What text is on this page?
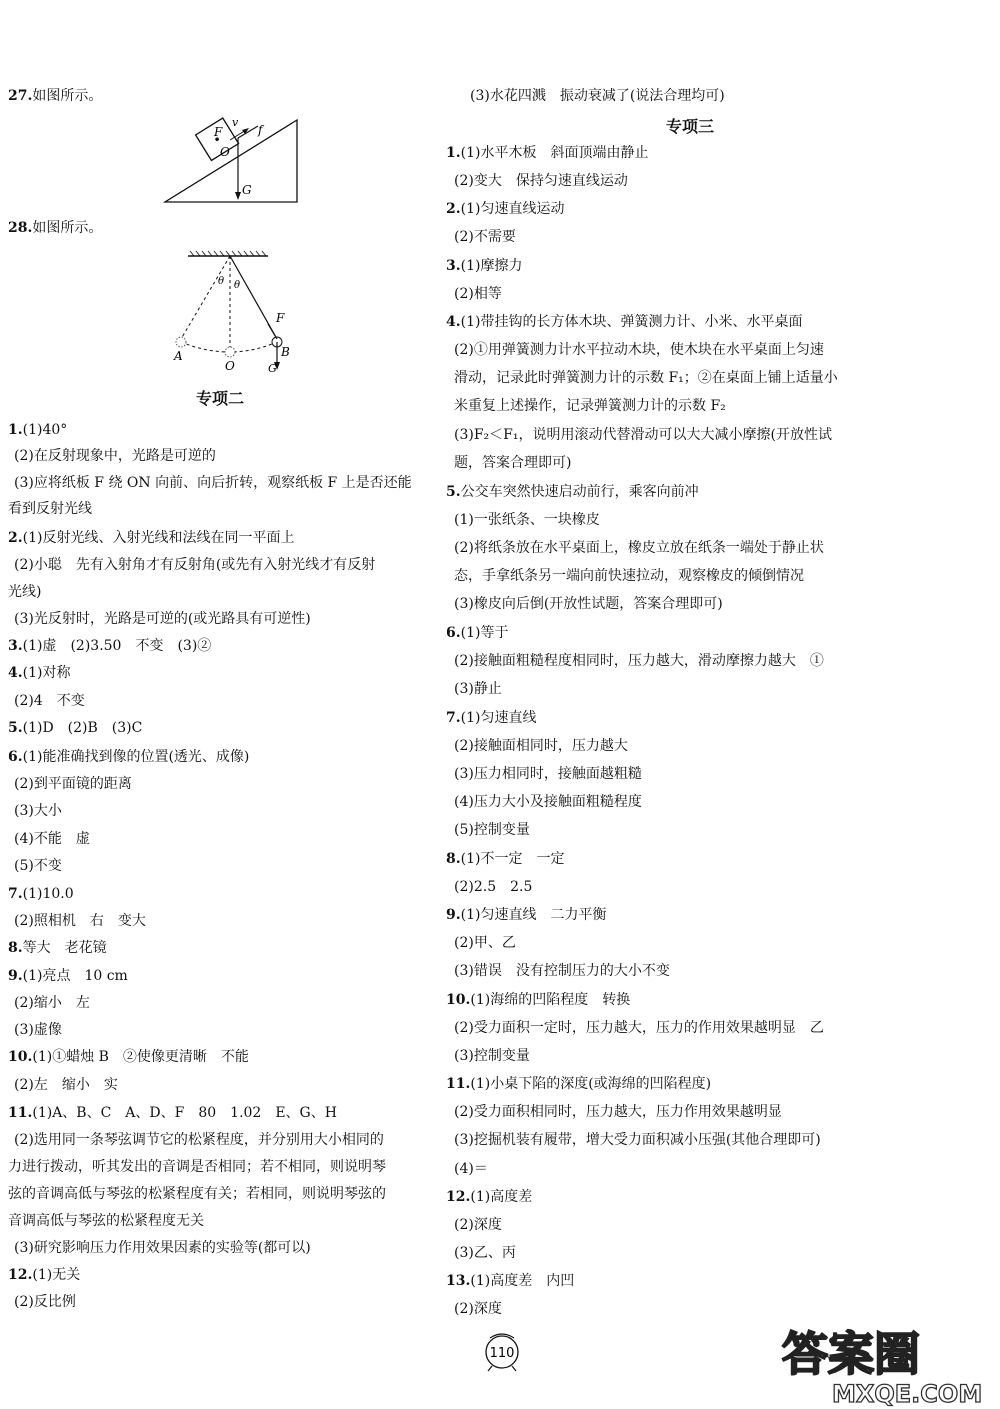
27.如图所示。
F
v
f
O
G
28.如图所示。
θ θ
F
A
O
B
G
专项二
1.(1)40°
(2)在反射现象中，光路是可逆的
(3)应将纸板 F 绕 ON 向前、向后折转，观察纸板 F 上是否还能
看到反射光线
2.(1)反射光线、入射光线和法线在同一平面上
(2)小聪　先有入射角才有反射角(或先有入射光线才有反射
光线)
(3)光反射时，光路是可逆的(或光路具有可逆性)
3.(1)虚　(2)3.50　不变　(3)②
4.(1)对称
(2)4　不变
5.(1)D　(2)B　(3)C
6.(1)能准确找到像的位置(透光、成像)
(2)到平面镜的距离
(3)大小
(4)不能　虚
(5)不变
7.(1)10.0
(2)照相机　右　变大
8.等大　老花镜
9.(1)亮点　10 cm
(2)缩小　左
(3)虚像
10.(1)①蜡烛 B　②使像更清晰　不能
(2)左　缩小　实
11.(1)A、B、C　A、D、F　80　1.02　E、G、H
(2)选用同一条琴弦调节它的松紧程度，并分别用大小相同的
力进行拨动，听其发出的音调是否相同；若不相同，则说明琴
弦的音调高低与琴弦的松紧程度有关；若相同，则说明琴弦的
音调高低与琴弦的松紧程度无关
(3)研究影响压力作用效果因素的实验等(都可以)
12.(1)无关
(2)反比例
(3)水花四溅　振动衰减了(说法合理均可)
专项三
1.(1)水平木板　斜面顶端由静止
(2)变大　保持匀速直线运动
2.(1)匀速直线运动
(2)不需要
3.(1)摩擦力
(2)相等
4.(1)带挂钩的长方体木块、弹簧测力计、小米、水平桌面
(2)①用弹簧测力计水平拉动木块，使木块在水平桌面上匀速
滑动，记录此时弹簧测力计的示数 F₁；②在桌面上铺上适量小
米重复上述操作，记录弹簧测力计的示数 F₂
(3)F₂＜F₁，说明用滚动代替滑动可以大大减小摩擦(开放性试
题，答案合理即可)
5.公交车突然快速启动前行，乘客向前冲
(1)一张纸条、一块橡皮
(2)将纸条放在水平桌面上，橡皮立放在纸条一端处于静止状
态，手拿纸条另一端向前快速拉动，观察橡皮的倾倒情况
(3)橡皮向后倒(开放性试题，答案合理即可)
6.(1)等于
(2)接触面粗糙程度相同时，压力越大，滑动摩擦力越大　①
(3)静止
7.(1)匀速直线
(2)接触面相同时，压力越大
(3)压力相同时，接触面越粗糙
(4)压力大小及接触面粗糙程度
(5)控制变量
8.(1)不一定　一定
(2)2.5　2.5
9.(1)匀速直线　二力平衡
(2)甲、乙
(3)错误　没有控制压力的大小不变
10.(1)海绵的凹陷程度　转换
(2)受力面积一定时，压力越大，压力的作用效果越明显　乙
(3)控制变量
11.(1)小桌下陷的深度(或海绵的凹陷程度)
(2)受力面积相同时，压力越大，压力作用效果越明显
(3)挖掘机装有履带，增大受力面积减小压强(其他合理即可)
(4)＝
12.(1)高度差
(2)深度
(3)乙、丙
13.(1)高度差　内凹
(2)深度
110	答案圈
MXQE.COM
